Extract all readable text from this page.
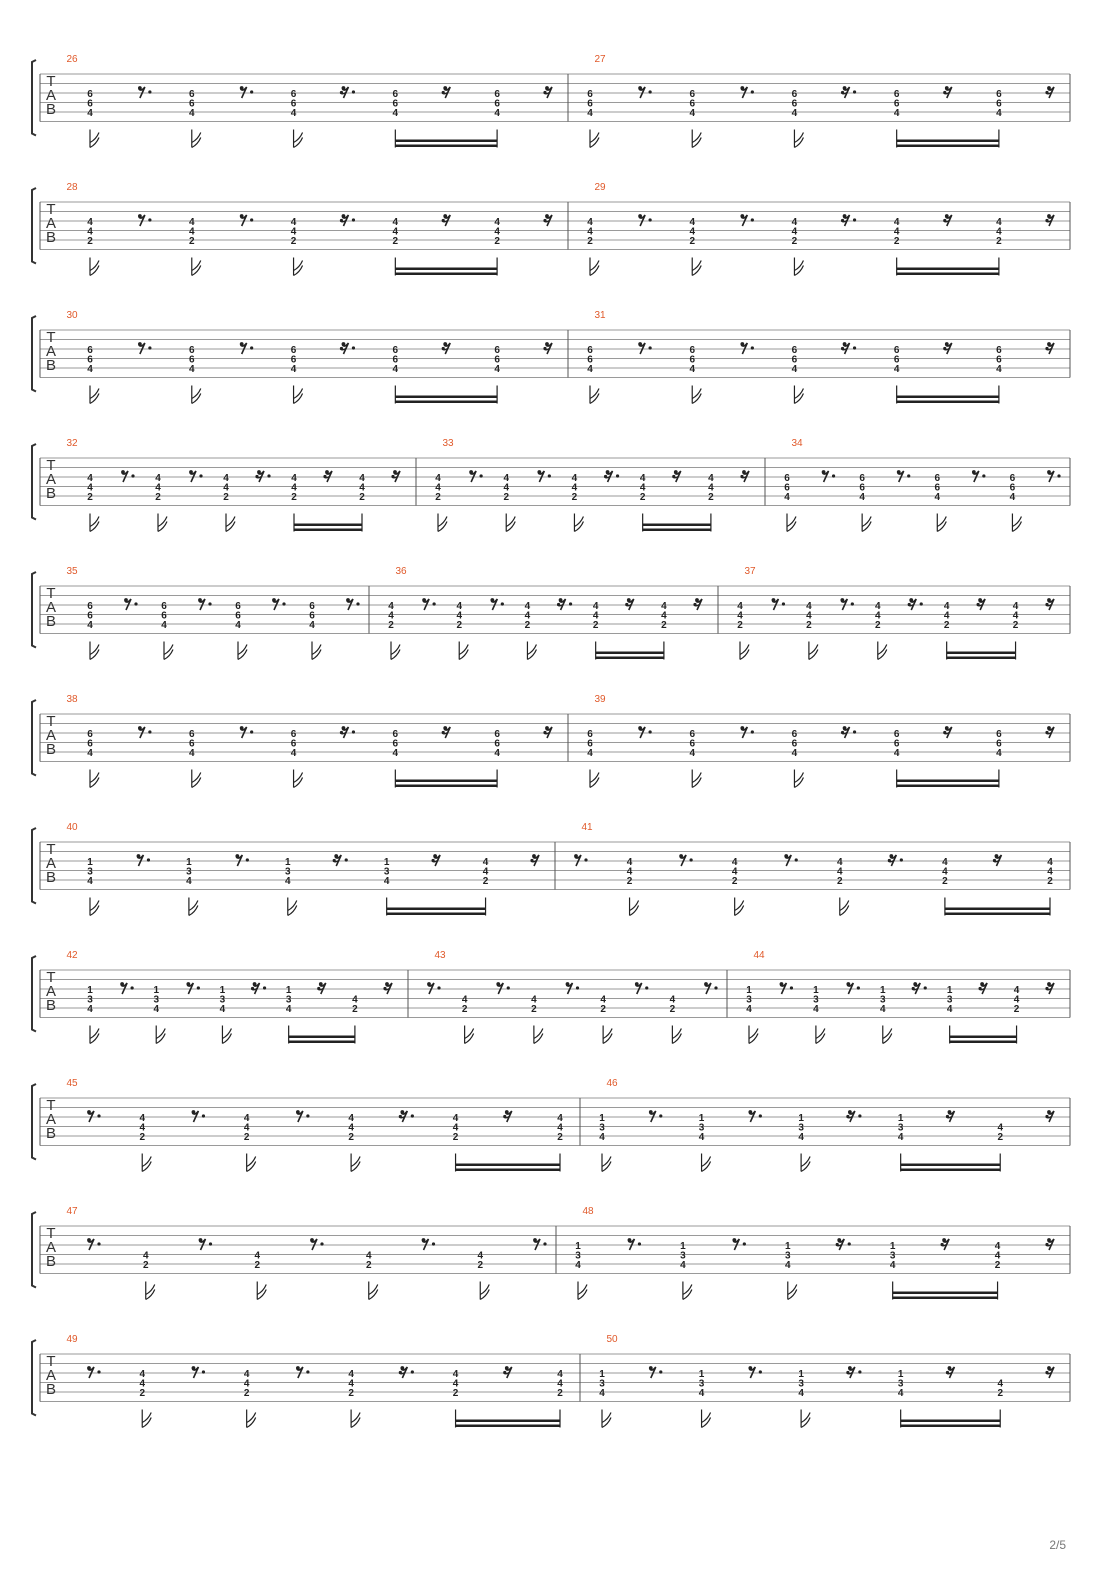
T
A
B
26
6
6
4
6
6
4
6
6
4
6
6
4
6
6
4
27
6
6
4
6
6
4
6
6
4
6
6
4
6
6
4
T
A
B
28
4
4
2
4
4
2
4
4
2
4
4
2
4
4
2
29
4
4
2
4
4
2
4
4
2
4
4
2
4
4
2
T
A
B
30
6
6
4
6
6
4
6
6
4
6
6
4
6
6
4
31
6
6
4
6
6
4
6
6
4
6
6
4
6
6
4
T
A
B
32
4
4
2
4
4
2
4
4
2
4
4
2
4
4
2
33
4
4
2
4
4
2
4
4
2
4
4
2
4
4
2
34
6
6
4
6
6
4
6
6
4
6
6
4
T
A
B
35
6
6
4
6
6
4
6
6
4
6
6
4
36
4
4
2
4
4
2
4
4
2
4
4
2
4
4
2
37
4
4
2
4
4
2
4
4
2
4
4
2
4
4
2
T
A
B
38
6
6
4
6
6
4
6
6
4
6
6
4
6
6
4
39
6
6
4
6
6
4
6
6
4
6
6
4
6
6
4
T
A
B
40
1
3
4
1
3
4
1
3
4
1
3
4
4
4
2
41
4
4
2
4
4
2
4
4
2
4
4
2
4
4
2
T
A
B
42
1
3
4
1
3
4
1
3
4
1
3
4
4
2
43
4
2
4
2
4
2
4
2
44
1
3
4
1
3
4
1
3
4
1
3
4
4
4
2
T
A
B
45
4
4
2
4
4
2
4
4
2
4
4
2
4
4
2
46
1
3
4
1
3
4
1
3
4
1
3
4
4
2
T
A
B
47
4
2
4
2
4
2
4
2
48
1
3
4
1
3
4
1
3
4
1
3
4
4
4
2
T
A
B
49
4
4
2
4
4
2
4
4
2
4
4
2
4
4
2
50
1
3
4
1
3
4
1
3
4
1
3
4
4
2
2/5
